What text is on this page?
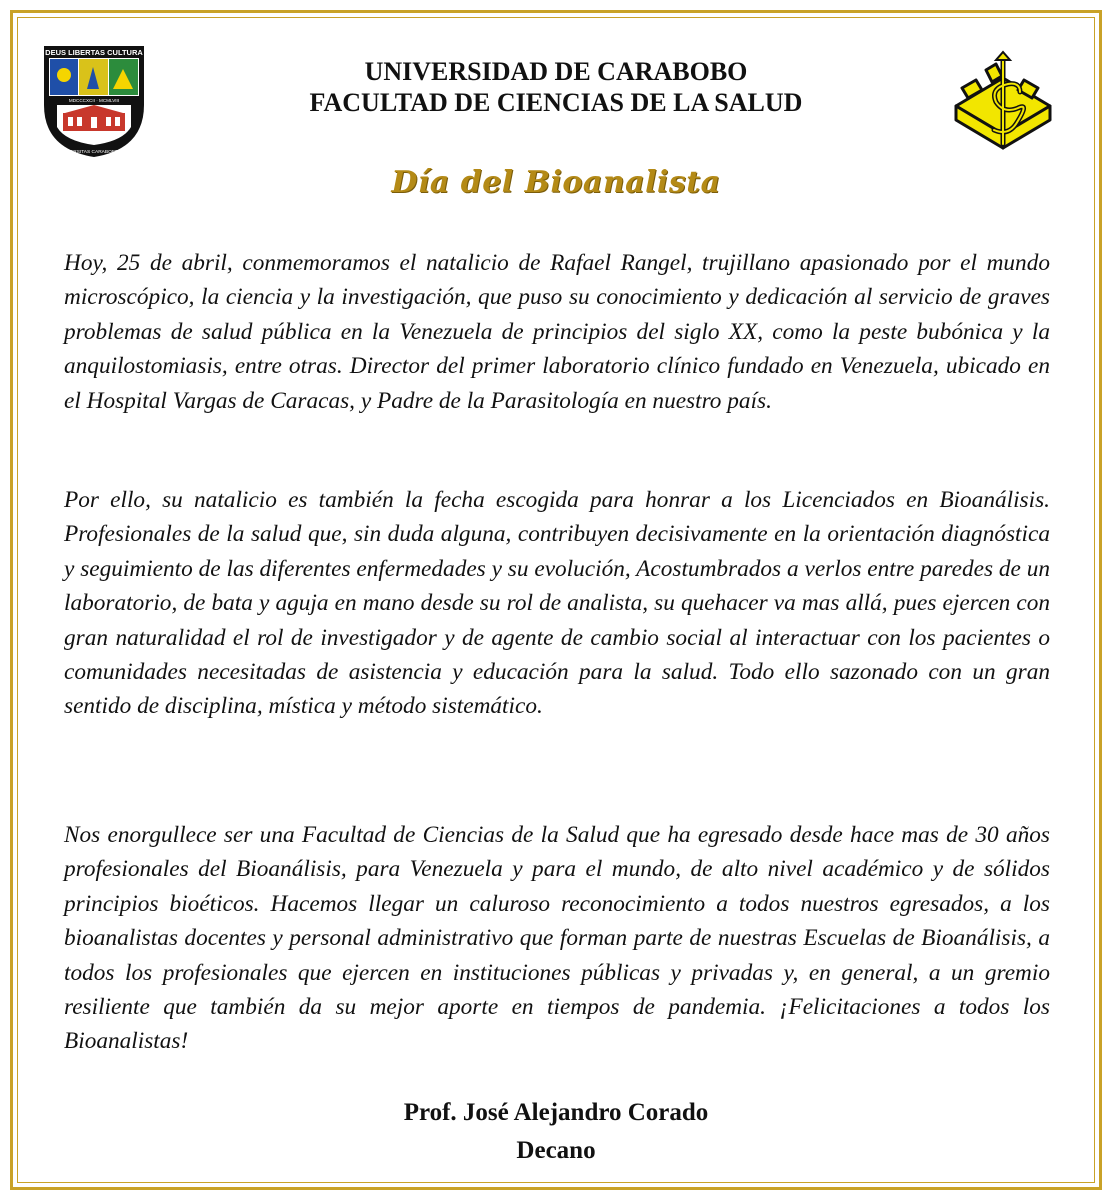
DEUS LIBERTAS CULTURA
MDCCCXCII · MCMLVIII
UNIVERSITAS CARABOBENSIS
UNIVERSIDAD DE CARABOBO
FACULTAD DE CIENCIAS DE LA SALUD
Día del Bioanalista

Hoy, 25 de abril, conmemoramos el natalicio de Rafael Rangel, trujillano apasionado por el mundo microscópico, la ciencia y la investigación, que puso su conocimiento y dedicación al servicio de graves problemas de salud pública en la Venezuela de principios del siglo XX, como la peste bubónica y la anquilostomiasis, entre otras. Director del primer laboratorio clínico fundado en Venezuela, ubicado en el Hospital Vargas de Caracas, y Padre de la Parasitología en nuestro país.

Por ello, su natalicio es también la fecha escogida para honrar a los Licenciados en Bioanálisis. Profesionales de la salud que, sin duda alguna, contribuyen decisivamente en la orientación diagnóstica y seguimiento de las diferentes enfermedades y su evolución, Acostumbrados a verlos entre paredes de un laboratorio, de bata y aguja en mano desde su rol de analista, su quehacer va mas allá, pues ejercen con gran naturalidad el rol de investigador y de agente de cambio social al interactuar con los pacientes o comunidades necesitadas de asistencia y educación para la salud. Todo ello sazonado con un gran sentido de disciplina, mística y método sistemático.

Nos enorgullece ser una Facultad de Ciencias de la Salud que ha egresado desde hace mas de 30 años profesionales del Bioanálisis, para Venezuela y para el mundo, de alto nivel académico y de sólidos principios bioéticos. Hacemos llegar un caluroso reconocimiento a todos nuestros egresados, a los bioanalistas docentes y personal administrativo que forman parte de nuestras Escuelas de Bioanálisis, a todos los profesionales que ejercen en instituciones públicas y privadas y, en general, a un gremio resiliente que también da su mejor aporte en tiempos de pandemia. ¡Felicitaciones a todos los Bioanalistas!

Prof. José Alejandro Corado
Decano
